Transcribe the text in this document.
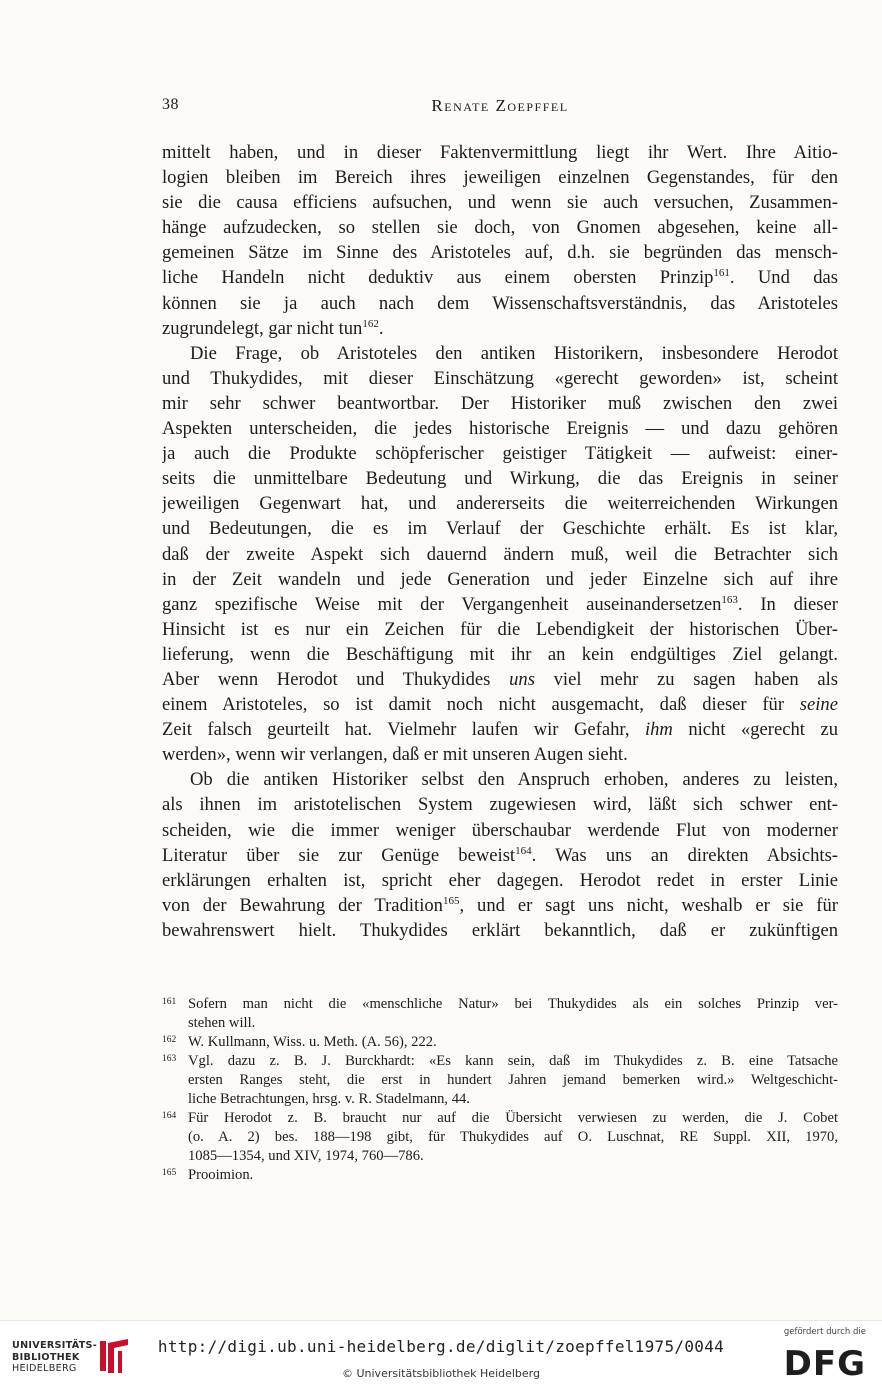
38	Renate Zoepffel
mittelt haben, und in dieser Faktenvermittlung liegt ihr Wert. Ihre Aitio-
logien bleiben im Bereich ihres jeweiligen einzelnen Gegenstandes, für den
sie die causa efficiens aufsuchen, und wenn sie auch versuchen, Zusammen-
hänge aufzudecken, so stellen sie doch, von Gnomen abgesehen, keine all-
gemeinen Sätze im Sinne des Aristoteles auf, d.h. sie begründen das mensch-
liche Handeln nicht deduktiv aus einem obersten Prinzip$^{161}$. Und das
können sie ja auch nach dem Wissenschaftsverständnis, das Aristoteles
zugrundelegt, gar nicht tun$^{162}$.
Die Frage, ob Aristoteles den antiken Historikern, insbesondere Herodot
und Thukydides, mit dieser Einschätzung «gerecht geworden» ist, scheint
mir sehr schwer beantwortbar. Der Historiker muß zwischen den zwei
Aspekten unterscheiden, die jedes historische Ereignis — und dazu gehören
ja auch die Produkte schöpferischer geistiger Tätigkeit — aufweist: einer-
seits die unmittelbare Bedeutung und Wirkung, die das Ereignis in seiner
jeweiligen Gegenwart hat, und andererseits die weiterreichenden Wirkungen
und Bedeutungen, die es im Verlauf der Geschichte erhält. Es ist klar,
daß der zweite Aspekt sich dauernd ändern muß, weil die Betrachter sich
in der Zeit wandeln und jede Generation und jeder Einzelne sich auf ihre
ganz spezifische Weise mit der Vergangenheit auseinandersetzen$^{163}$. In dieser
Hinsicht ist es nur ein Zeichen für die Lebendigkeit der historischen Über-
lieferung, wenn die Beschäftigung mit ihr an kein endgültiges Ziel gelangt.
Aber wenn Herodot und Thukydides uns viel mehr zu sagen haben als
einem Aristoteles, so ist damit noch nicht ausgemacht, daß dieser für seine
Zeit falsch geurteilt hat. Vielmehr laufen wir Gefahr, ihm nicht «gerecht zu
werden», wenn wir verlangen, daß er mit unseren Augen sieht.
Ob die antiken Historiker selbst den Anspruch erhoben, anderes zu leisten,
als ihnen im aristotelischen System zugewiesen wird, läßt sich schwer ent-
scheiden, wie die immer weniger überschaubar werdende Flut von moderner
Literatur über sie zur Genüge beweist$^{164}$. Was uns an direkten Absichts-
erklärungen erhalten ist, spricht eher dagegen. Herodot redet in erster Linie
von der Bewahrung der Tradition$^{165}$, und er sagt uns nicht, weshalb er sie für
bewahrenswert hielt. Thukydides erklärt bekanntlich, daß er zukünftigen
161 Sofern man nicht die «menschliche Natur» bei Thukydides als ein solches Prinzip ver-
stehen will.
162 W. Kullmann, Wiss. u. Meth. (A. 56), 222.
163 Vgl. dazu z. B. J. Burckhardt: «Es kann sein, daß im Thukydides z. B. eine Tatsache
ersten Ranges steht, die erst in hundert Jahren jemand bemerken wird.» Weltgeschicht-
liche Betrachtungen, hrsg. v. R. Stadelmann, 44.
164 Für Herodot z. B. braucht nur auf die Übersicht verwiesen zu werden, die J. Cobet
(o. A. 2) bes. 188—198 gibt, für Thukydides auf O. Luschnat, RE Suppl. XII, 1970,
1085—1354, und XIV, 1974, 760—786.
165 Prooimion.
UNIVERSITÄTS-
BIBLIOTHEK
HEIDELBERG
http://digi.ub.uni-heidelberg.de/diglit/zoepffel1975/0044
© Universitätsbibliothek Heidelberg
gefördert durch die
DFG
